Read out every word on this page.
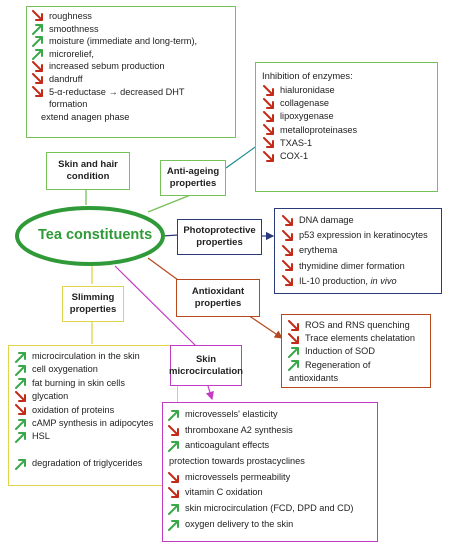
Tea constituents
roughness
smoothness
moisture (immediate and long-term),
microrelief,
increased sebum production
dandruff
5-α-reductase → decreased DHT
formation
extend anagen phase
Skin and hair condition	Anti-ageing properties
Inhibition of enzymes:
hialuronidase
collagenase
lipoxygenase
metalloproteinases
TXAS-1
COX-1
Photoprotective properties
DNA damage
p53 expression in keratinocytes
erythema
thymidine dimer formation
IL-10 production, in vivo
Antioxidant properties
ROS and RNS quenching
Trace elements chelatation
Induction of SOD
Regeneration of
antioxidants
Slimming properties
microcirculation in the skin
cell oxygenation
fat burning in skin cells
glycation
oxidation of proteins
cAMP synthesis in adipocytes
HSL
degradation of triglycerides
Skin microcirculation
microvessels' elasticity
thromboxane A2 synthesis
anticoagulant effects
protection towards prostacyclines
microvessels permeability
vitamin C oxidation
skin microcirculation (FCD, DPD and CD)
oxygen delivery to the skin
